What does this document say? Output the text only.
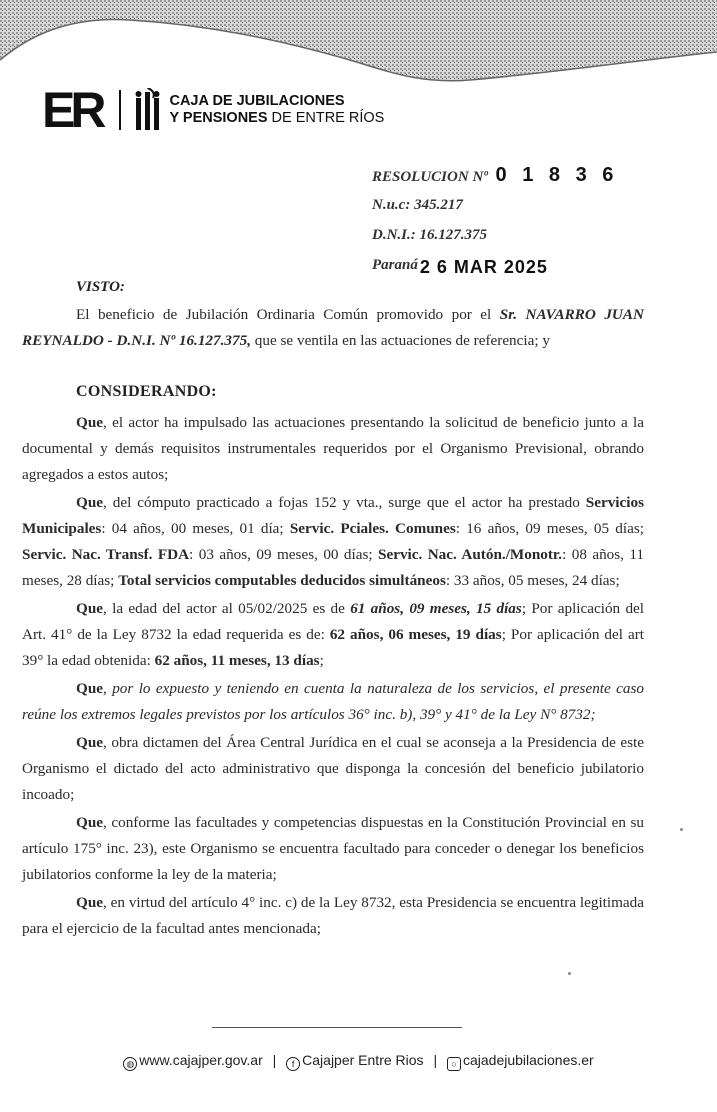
ER	CAJA DE JUBILACIONES
Y PENSIONES DE ENTRE RÍOS
RESOLUCION Nº 0 1 8 3 6
N.u.c: 345.217
D.N.I.: 16.127.375
Paraná 2 6 MAR 2025
VISTO:

El beneficio de Jubilación Ordinaria Común promovido por el Sr. NAVARRO JUAN REYNALDO - D.N.I. Nº 16.127.375, que se ventila en las actuaciones de referencia; y

CONSIDERANDO:

Que, el actor ha impulsado las actuaciones presentando la solicitud de beneficio junto a la documental y demás requisitos instrumentales requeridos por el Organismo Previsional, obrando agregados a estos autos;

Que, del cómputo practicado a fojas 152 y vta., surge que el actor ha prestado Servicios Municipales: 04 años, 00 meses, 01 día; Servic. Pciales. Comunes: 16 años, 09 meses, 05 días; Servic. Nac. Transf. FDA: 03 años, 09 meses, 00 días; Servic. Nac. Autón./Monotr.: 08 años, 11 meses, 28 días; Total servicios computables deducidos simultáneos: 33 años, 05 meses, 24 días;

Que, la edad del actor al 05/02/2025 es de 61 años, 09 meses, 15 días; Por aplicación del Art. 41° de la Ley 8732 la edad requerida es de: 62 años, 06 meses, 19 días; Por aplicación del art 39° la edad obtenida: 62 años, 11 meses, 13 días;

Que, por lo expuesto y teniendo en cuenta la naturaleza de los servicios, el presente caso reúne los extremos legales previstos por los artículos 36° inc. b), 39° y 41° de la Ley N° 8732;

Que, obra dictamen del Área Central Jurídica en el cual se aconseja a la Presidencia de este Organismo el dictado del acto administrativo que disponga la concesión del beneficio jubilatorio incoado;

Que, conforme las facultades y competencias dispuestas en la Constitución Provincial en su artículo 175° inc. 23), este Organismo se encuentra facultado para conceder o denegar los beneficios jubilatorios conforme la ley de la materia;

Que, en virtud del artículo 4° inc. c) de la Ley 8732, esta Presidencia se encuentra legitimada para el ejercicio de la facultad antes mencionada;

◍ www.cajajper.gov.ar | f Cajajper Entre Rios | ○ cajadejubilaciones.er
